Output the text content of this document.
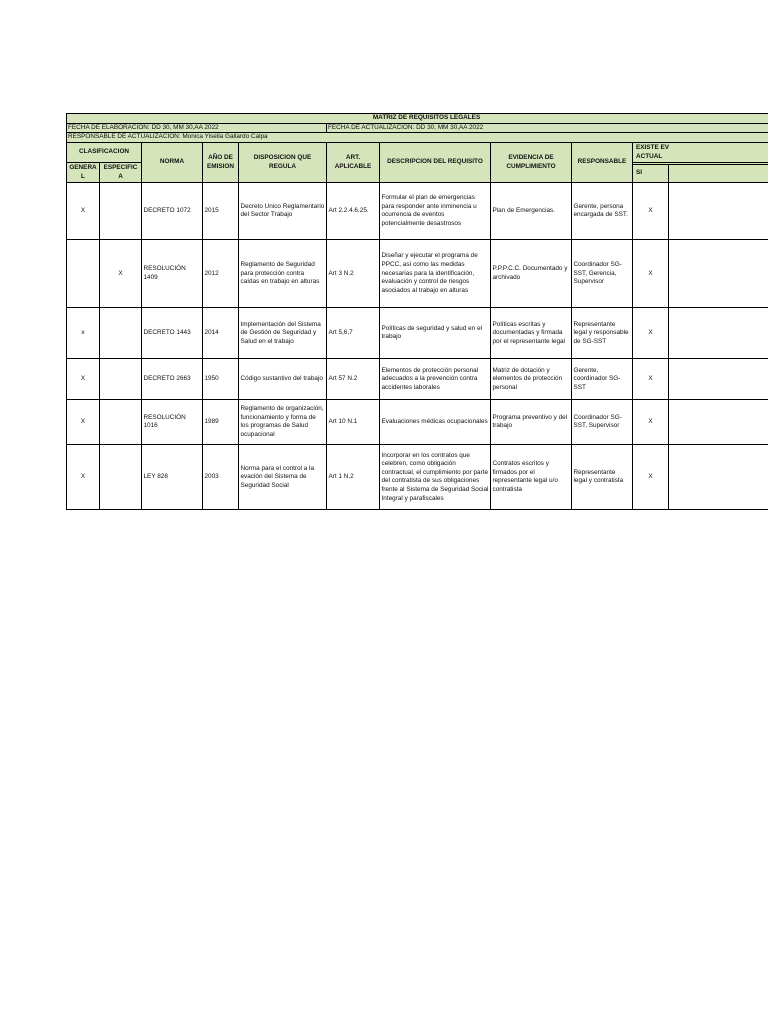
MATRIZ DE REQUISITOS LEGALES										
FECHA DE ELABORACION: DD 30, MM 30,AA 2022					FECHA DE ACTUALIZACION: DD 30, MM 30,AA 2022					
RESPONSABLE DE ACTUALIZACION: Monica Yisella Gallardo Calpa										
CLASIFICACION		NORMA	AÑO DE EMISION	DISPOSICION QUE REGULA	ART. APLICABLE	DESCRIPCION DEL REQUISITO	EVIDENCIA DE CUMPLIMIENTO	RESPONSABLE	EXISTE EV
ACTUAL	

GENERAL	ESPECIFICA									
									SI	
X		DECRETO 1072	2015	Decreto Unico Reglamentario del Sector Trabajo	Art 2.2.4.6.25.	Formular el plan de emergencias para responder ante inminencia u ocurrencia de eventos potencialmente desastrosos	Plan de Emergencias.	Gerente, persona encargada de SST.	X	
	X	RESOLUCIÓN 1409	2012	Reglamento de Seguridad para protección contra caídas en trabajo en alturas	Art 3 N.2	Diseñar y ejecutar el programa de PPCC, así como las medidas necesarias para la identificación, evaluación y control de riesgos asociados al trabajo en alturas	P.P.P.C.C. Documentado y archivado	Coordinador SG-SST, Gerencia, Supervisor	X	
x		DECRETO 1443	2014	Implementación del Sistema de Gestión de Seguridad y Salud en el trabajo	Art 5,6,7	Políticas de seguridad y salud en el trabajo	Políticas escritas y documentadas y firmada por el representante legal	Representante legal y responsable de SG-SST	X	
X		DECRETO 2663	1950	Código sustantivo del trabajo	Art 57 N.2	Elementos de protección personal adecuados a la prevención contra accidentes laborales	Matriz de dotación y elementos de protección personal	Gerente, coordinador SG-SST	X	
X		RESOLUCIÓN 1016	1989	Reglamento de organización, funcionamiento y forma de los programas de Salud ocupacional	Art 10 N.1	Evaluaciones médicas ocupacionales	Programa preventivo y del trabajo	Coordinador SG-SST, Supervisor	X	
X		LEY 828	2003	Norma para el control a la evación del Sistema de Seguridad Social	Art 1 N.2	Incorporar en los contratos que celebren, como obligación contractual, el cumplimiento por parte del contratista de sus obligaciones frente al Sistema de Seguridad Social Integral y parafiscales	Contratos escritos y firmados por el representante legal u/o contratista	Representante legal y contratista	X	
